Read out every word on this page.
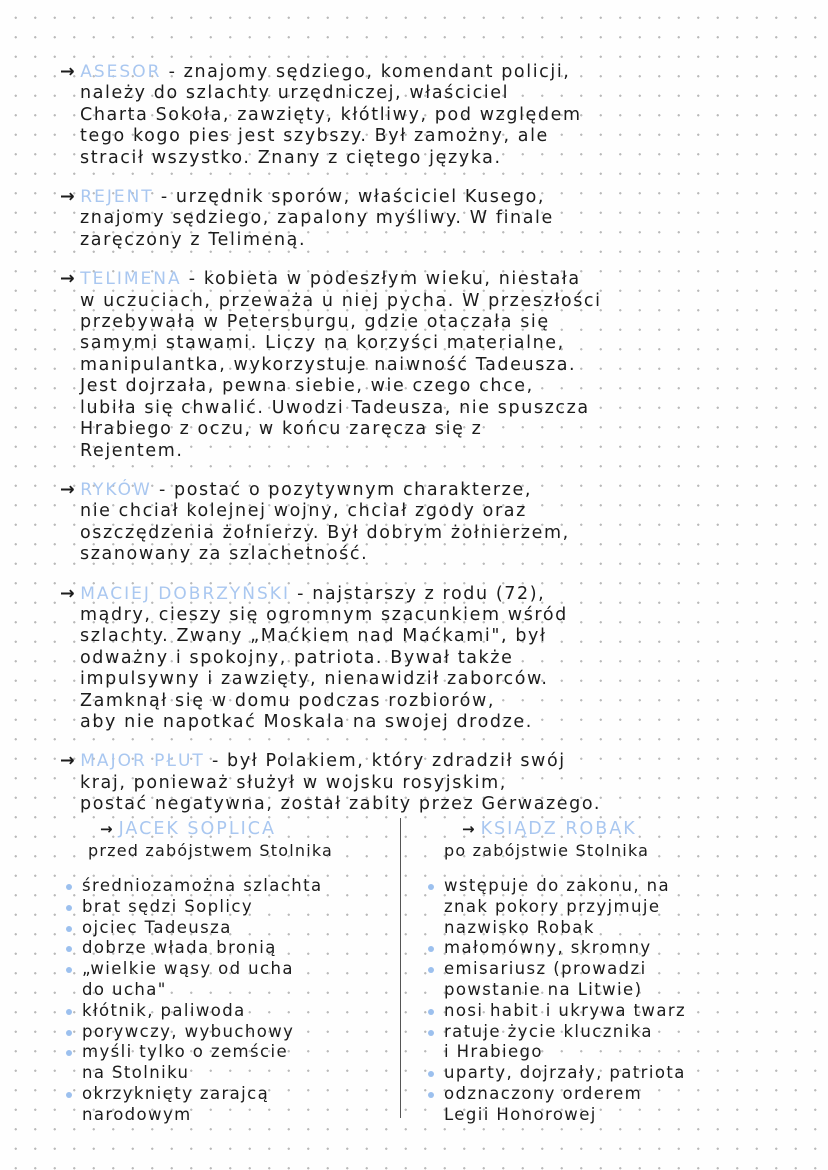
→ ASESOR - znajomy sędziego, komendant policji,
należy do szlachty urzędniczej, właściciel
Charta Sokoła, zawzięty, kłótliwy, pod względem
tego kogo pies jest szybszy. Był zamożny, ale
stracił wszystko. Znany z ciętego języka.
→ REJENT - urzędnik sporów, właściciel Kusego,
znajomy sędziego, zapalony myśliwy. W finale
zaręczony z Telimeną.
→ TELIMENA - kobieta w podeszłym wieku, niestała
w uczuciach, przeważa u niej pycha. W przeszłości
przebywała w Petersburgu, gdzie otaczała się
samymi stawami. Liczy na korzyści materialne,
manipulantka, wykorzystuje naiwność Tadeusza.
Jest dojrzała, pewna siebie, wie czego chce,
lubiła się chwalić. Uwodzi Tadeusza, nie spuszcza
Hrabiego z oczu, w końcu zaręcza się z
Rejentem.
→ RYKÓW - postać o pozytywnym charakterze,
nie chciał kolejnej wojny, chciał zgody oraz
oszczędzenia żołnierzy. Był dobrym żołnierzem,
szanowany za szlachetność.
→ MACIEJ DOBRZYŃSKI - najstarszy z rodu (72),
mądry, cieszy się ogromnym szacunkiem wśród
szlachty. Zwany „Maćkiem nad Maćkami", był
odważny i spokojny, patriota. Bywał także
impulsywny i zawzięty, nienawidził zaborców.
Zamknął się w domu podczas rozbiorów,
aby nie napotkać Moskala na swojej drodze.
→ MAJOR PŁUT - był Polakiem, który zdradził swój
kraj, ponieważ służył w wojsku rosyjskim,
postać negatywna, został zabity przez Gerwazego.
→ JACEK SOPLICA
przed zabójstwem Stolnika
średniozamożna szlachta
brat sędzi Soplicy
ojciec Tadeusza
dobrze włada bronią
„wielkie wąsy od ucha
do ucha"
kłótnik, paliwoda
porywczy, wybuchowy
myśli tylko o zemście
na Stolniku
okrzyknięty zarajcą
narodowym
→ KSIĄDZ ROBAK
po zabójstwie Stolnika
wstępuje do zakonu, na
znak pokory przyjmuje
nazwisko Robak
małomówny, skromny
emisariusz (prowadzi
powstanie na Litwie)
nosi habit i ukrywa twarz
ratuje życie klucznika
i Hrabiego
uparty, dojrzały, patriota
odznaczony orderem
Legii Honorowej
